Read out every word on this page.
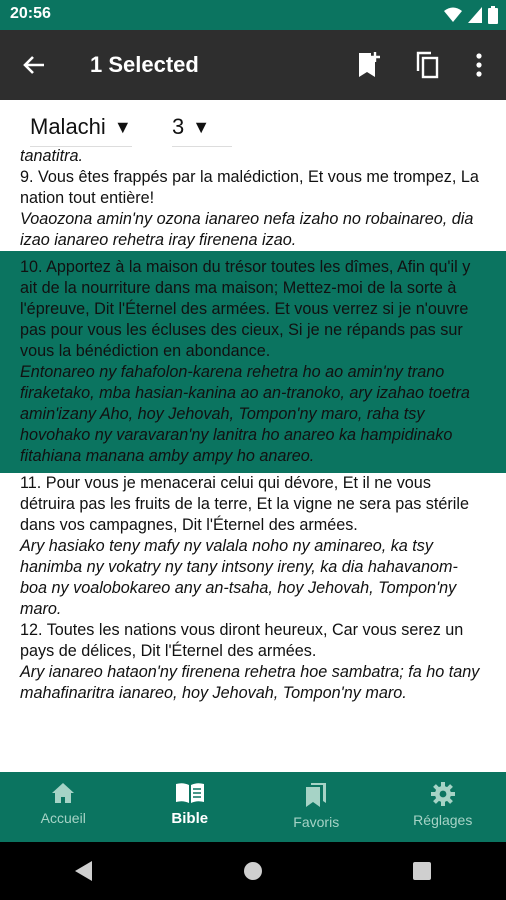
20:56
1 Selected
Malachi ▼ 3 ▼

tanatitra.

9. Vous êtes frappés par la malédiction, Et vous me trompez, La nation tout entière!

Voaozona amin'ny ozona ianareo nefa izaho no robainareo, dia izao ianareo rehetra iray firenena izao.

10. Apportez à la maison du trésor toutes les dîmes, Afin qu'il y ait de la nourriture dans ma maison; Mettez-moi de la sorte à l'épreuve, Dit l'Éternel des armées. Et vous verrez si je n'ouvre pas pour vous les écluses des cieux, Si je ne répands pas sur vous la bénédiction en abondance.

Entonareo ny fahafolon-karena rehetra ho ao amin'ny trano firaketako, mba hasian-kanina ao an-tranoko, ary izahao toetra amin'izany Aho, hoy Jehovah, Tompon'ny maro, raha tsy hovohako ny varavaran'ny lanitra ho anareo ka hampidinako fitahiana manana amby ampy ho anareo.

11. Pour vous je menacerai celui qui dévore, Et il ne vous détruira pas les fruits de la terre, Et la vigne ne sera pas stérile dans vos campagnes, Dit l'Éternel des armées.

Ary hasiako teny mafy ny valala noho ny aminareo, ka tsy hanimba ny vokatry ny tany intsony ireny, ka dia hahavanom-boa ny voalobokareo any an-tsaha, hoy Jehovah, Tompon'ny maro.

12. Toutes les nations vous diront heureux, Car vous serez un pays de délices, Dit l'Éternel des armées.

Ary ianareo hataon'ny firenena rehetra hoe sambatra; fa ho tany mahafinaritra ianareo, hoy Jehovah, Tompon'ny maro.

Accueil	Bible	Favoris	Réglages
